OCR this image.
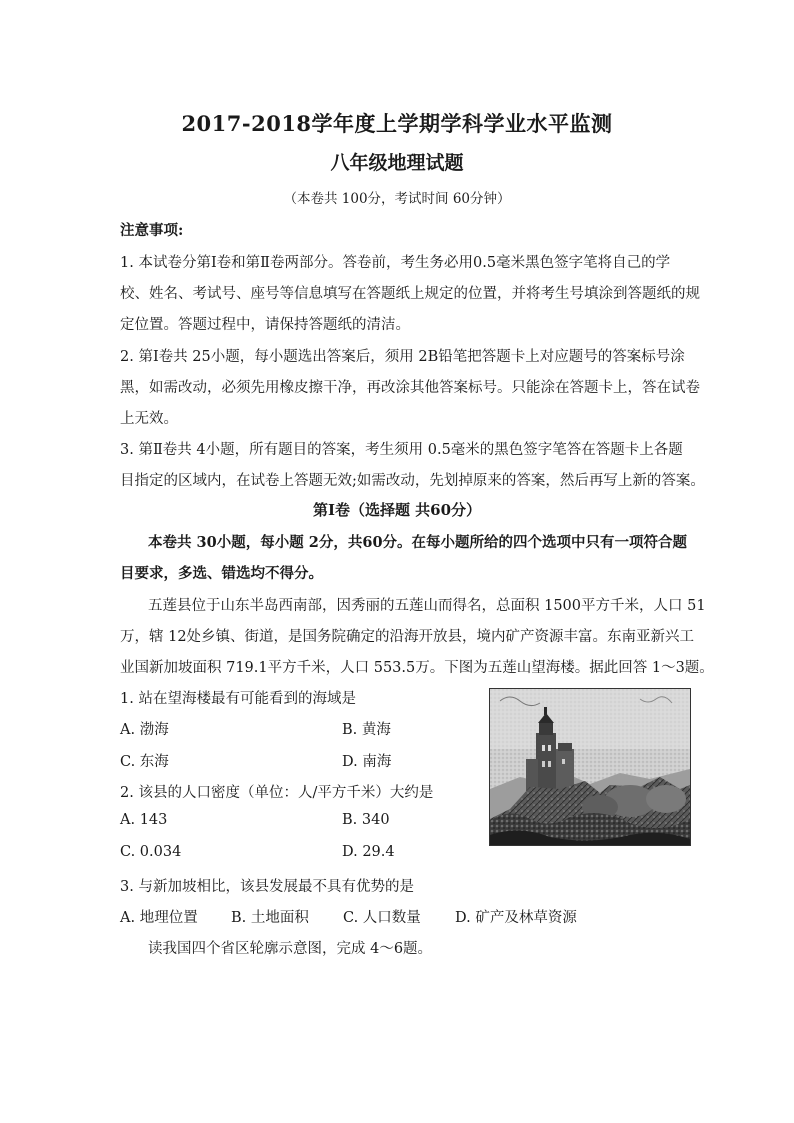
2017-2018学年度上学期学科学业水平监测
八年级地理试题
（本卷共 100分，考试时间 60分钟）
注意事项:
1. 本试卷分第Ⅰ卷和第Ⅱ卷两部分。答卷前，考生务必用0.5毫米黑色签字笔将自己的学
校、姓名、考试号、座号等信息填写在答题纸上规定的位置，并将考生号填涂到答题纸的规
定位置。答题过程中，请保持答题纸的清洁。
2. 第Ⅰ卷共 25小题，每小题选出答案后，须用 2B铅笔把答题卡上对应题号的答案标号涂
黑，如需改动，必须先用橡皮擦干净，再改涂其他答案标号。只能涂在答题卡上，答在试卷
上无效。
3. 第Ⅱ卷共 4小题，所有题目的答案，考生须用 0.5毫米的黑色签字笔答在答题卡上各题
目指定的区域内，在试卷上答题无效;如需改动，先划掉原来的答案，然后再写上新的答案。
第Ⅰ卷（选择题 共60分）
本卷共 30小题，每小题 2分，共60分。在每小题所给的四个选项中只有一项符合题
目要求，多选、错选均不得分。
五莲县位于山东半岛西南部，因秀丽的五莲山而得名，总面积 1500平方千米，人口 51
万，辖 12处乡镇、街道，是国务院确定的沿海开放县，境内矿产资源丰富。东南亚新兴工
业国新加坡面积 719.1平方千米，人口 553.5万。下图为五莲山望海楼。据此回答 1～3题。
1. 站在望海楼最有可能看到的海域是
A. 渤海	B. 黄海
C. 东海	D. 南海
2. 该县的人口密度（单位：人/平方千米）大约是
A. 143	B. 340
C. 0.034	D. 29.4
3. 与新加坡相比，该县发展最不具有优势的是
A. 地理位置 B. 土地面积 C. 人口数量 D. 矿产及林草资源
读我国四个省区轮廓示意图，完成 4～6题。
